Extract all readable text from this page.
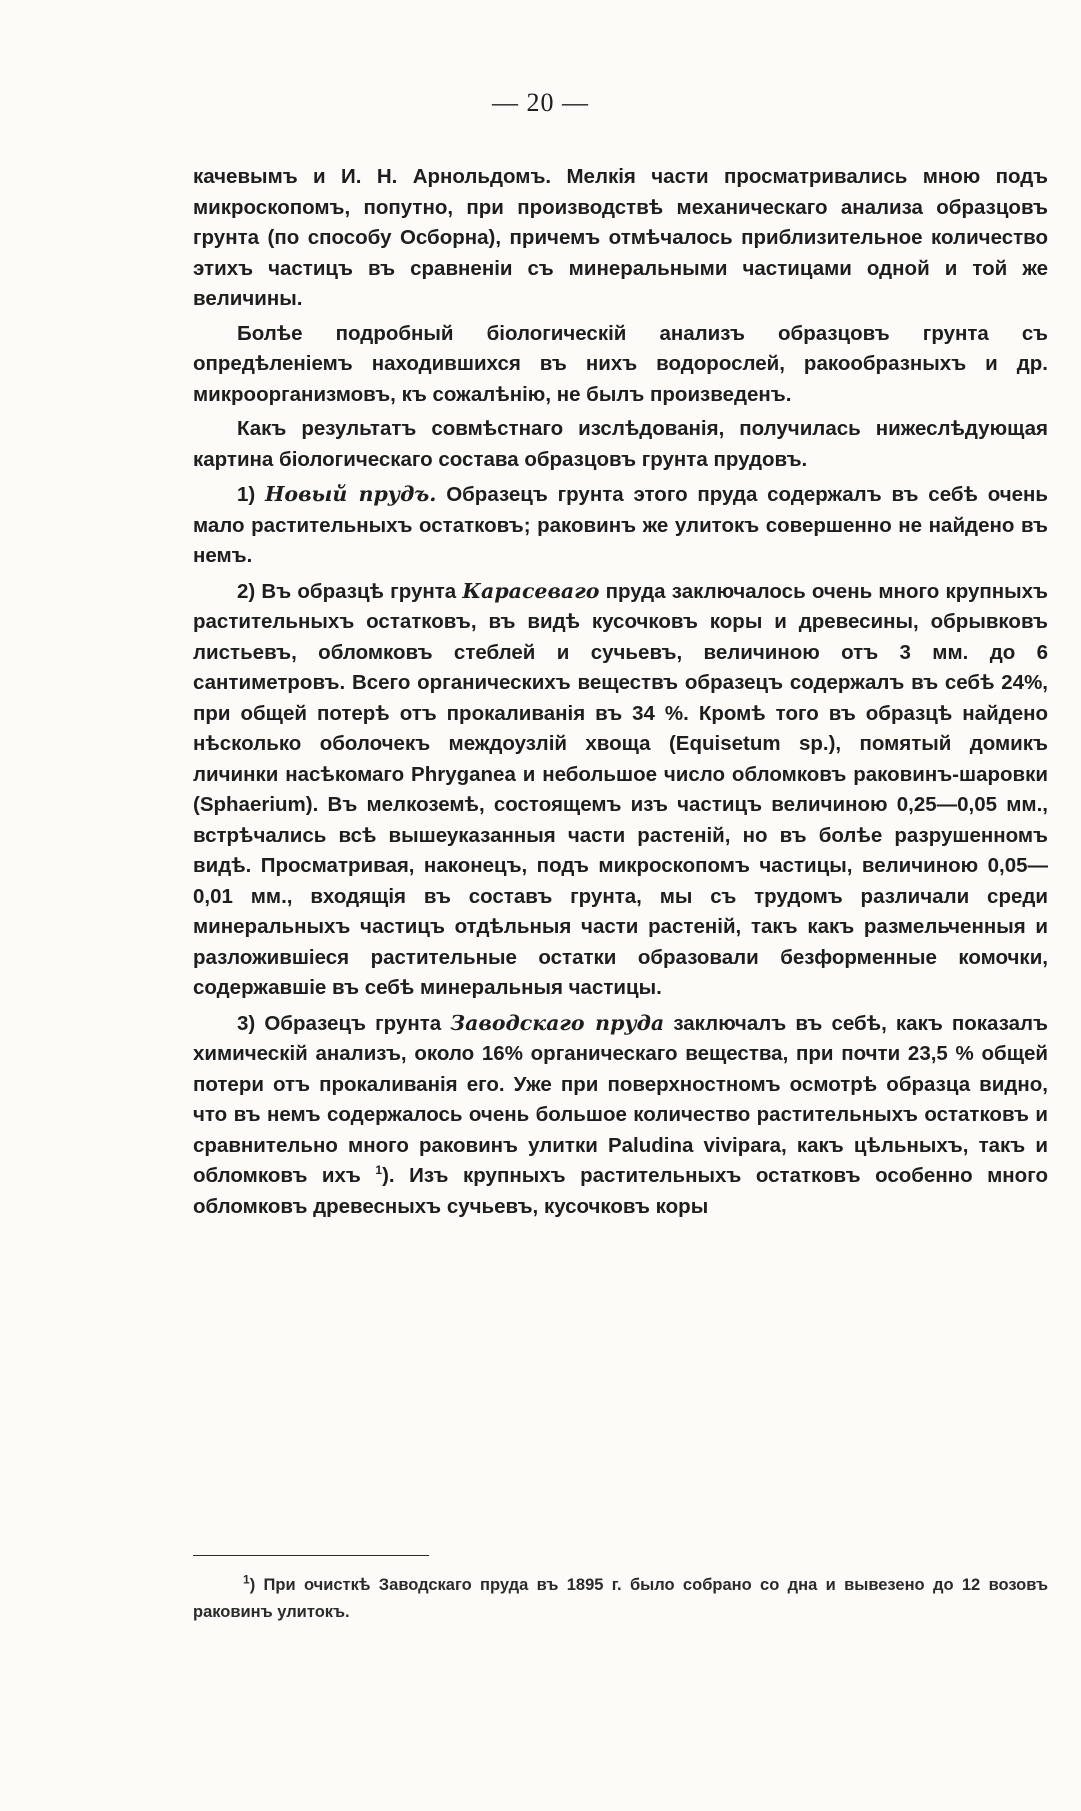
— 20 —

качевымъ и И. Н. Арнольдомъ. Мелкія части просматривались мною подъ микроскопомъ, попутно, при производствѣ механическаго анализа образцовъ грунта (по способу Осборна), причемъ отмѣчалось приблизительное количество этихъ частицъ въ сравненіи съ минеральными частицами одной и той же величины.

Болѣе подробный біологическій анализъ образцовъ грунта съ опредѣленіемъ находившихся въ нихъ водорослей, ракообразныхъ и др. микроорганизмовъ, къ сожалѣнію, не былъ произведенъ.

Какъ результатъ совмѣстнаго изслѣдованія, получилась нижеслѣдующая картина біологическаго состава образцовъ грунта прудовъ.

1) Новый прудъ. Образецъ грунта этого пруда содержалъ въ себѣ очень мало растительныхъ остатковъ; раковинъ же улитокъ совершенно не найдено въ немъ.

2) Въ образцѣ грунта Карасеваго пруда заключалось очень много крупныхъ растительныхъ остатковъ, въ видѣ кусочковъ коры и древесины, обрывковъ листьевъ, обломковъ стеблей и сучьевъ, величиною отъ 3 мм. до 6 сантиметровъ. Всего органическихъ веществъ образецъ содержалъ въ себѣ 24%, при общей потерѣ отъ прокаливанія въ 34 %. Кромѣ того въ образцѣ найдено нѣсколько оболочекъ междоузлій хвоща (Equisetum sp.), помятый домикъ личинки насѣкомаго Phryganea и небольшое число обломковъ раковинъ-шаровки (Sphaerium). Въ мелкоземѣ, состоящемъ изъ частицъ величиною 0,25—0,05 мм., встрѣчались всѣ вышеуказанныя части растеній, но въ болѣе разрушенномъ видѣ. Просматривая, наконецъ, подъ микроскопомъ частицы, величиною 0,05—0,01 мм., входящія въ составъ грунта, мы съ трудомъ различали среди минеральныхъ частицъ отдѣльныя части растеній, такъ какъ размельченныя и разложившіеся растительные остатки образовали безформенные комочки, содержавшіе въ себѣ минеральныя частицы.

3) Образецъ грунта Заводскаго пруда заключалъ въ себѣ, какъ показалъ химическій анализъ, около 16% органическаго вещества, при почти 23,5 % общей потери отъ прокаливанія его. Уже при поверхностномъ осмотрѣ образца видно, что въ немъ содержалось очень большое количество растительныхъ остатковъ и сравнительно много раковинъ улитки Paludina vivipara, какъ цѣльныхъ, такъ и обломковъ ихъ $^1$). Изъ крупныхъ растительныхъ остатковъ особенно много обломковъ древесныхъ сучьевъ, кусочковъ коры

$^1$) При очисткѣ Заводскаго пруда въ 1895 г. было собрано со дна и вывезено до 12 возовъ раковинъ улитокъ.
